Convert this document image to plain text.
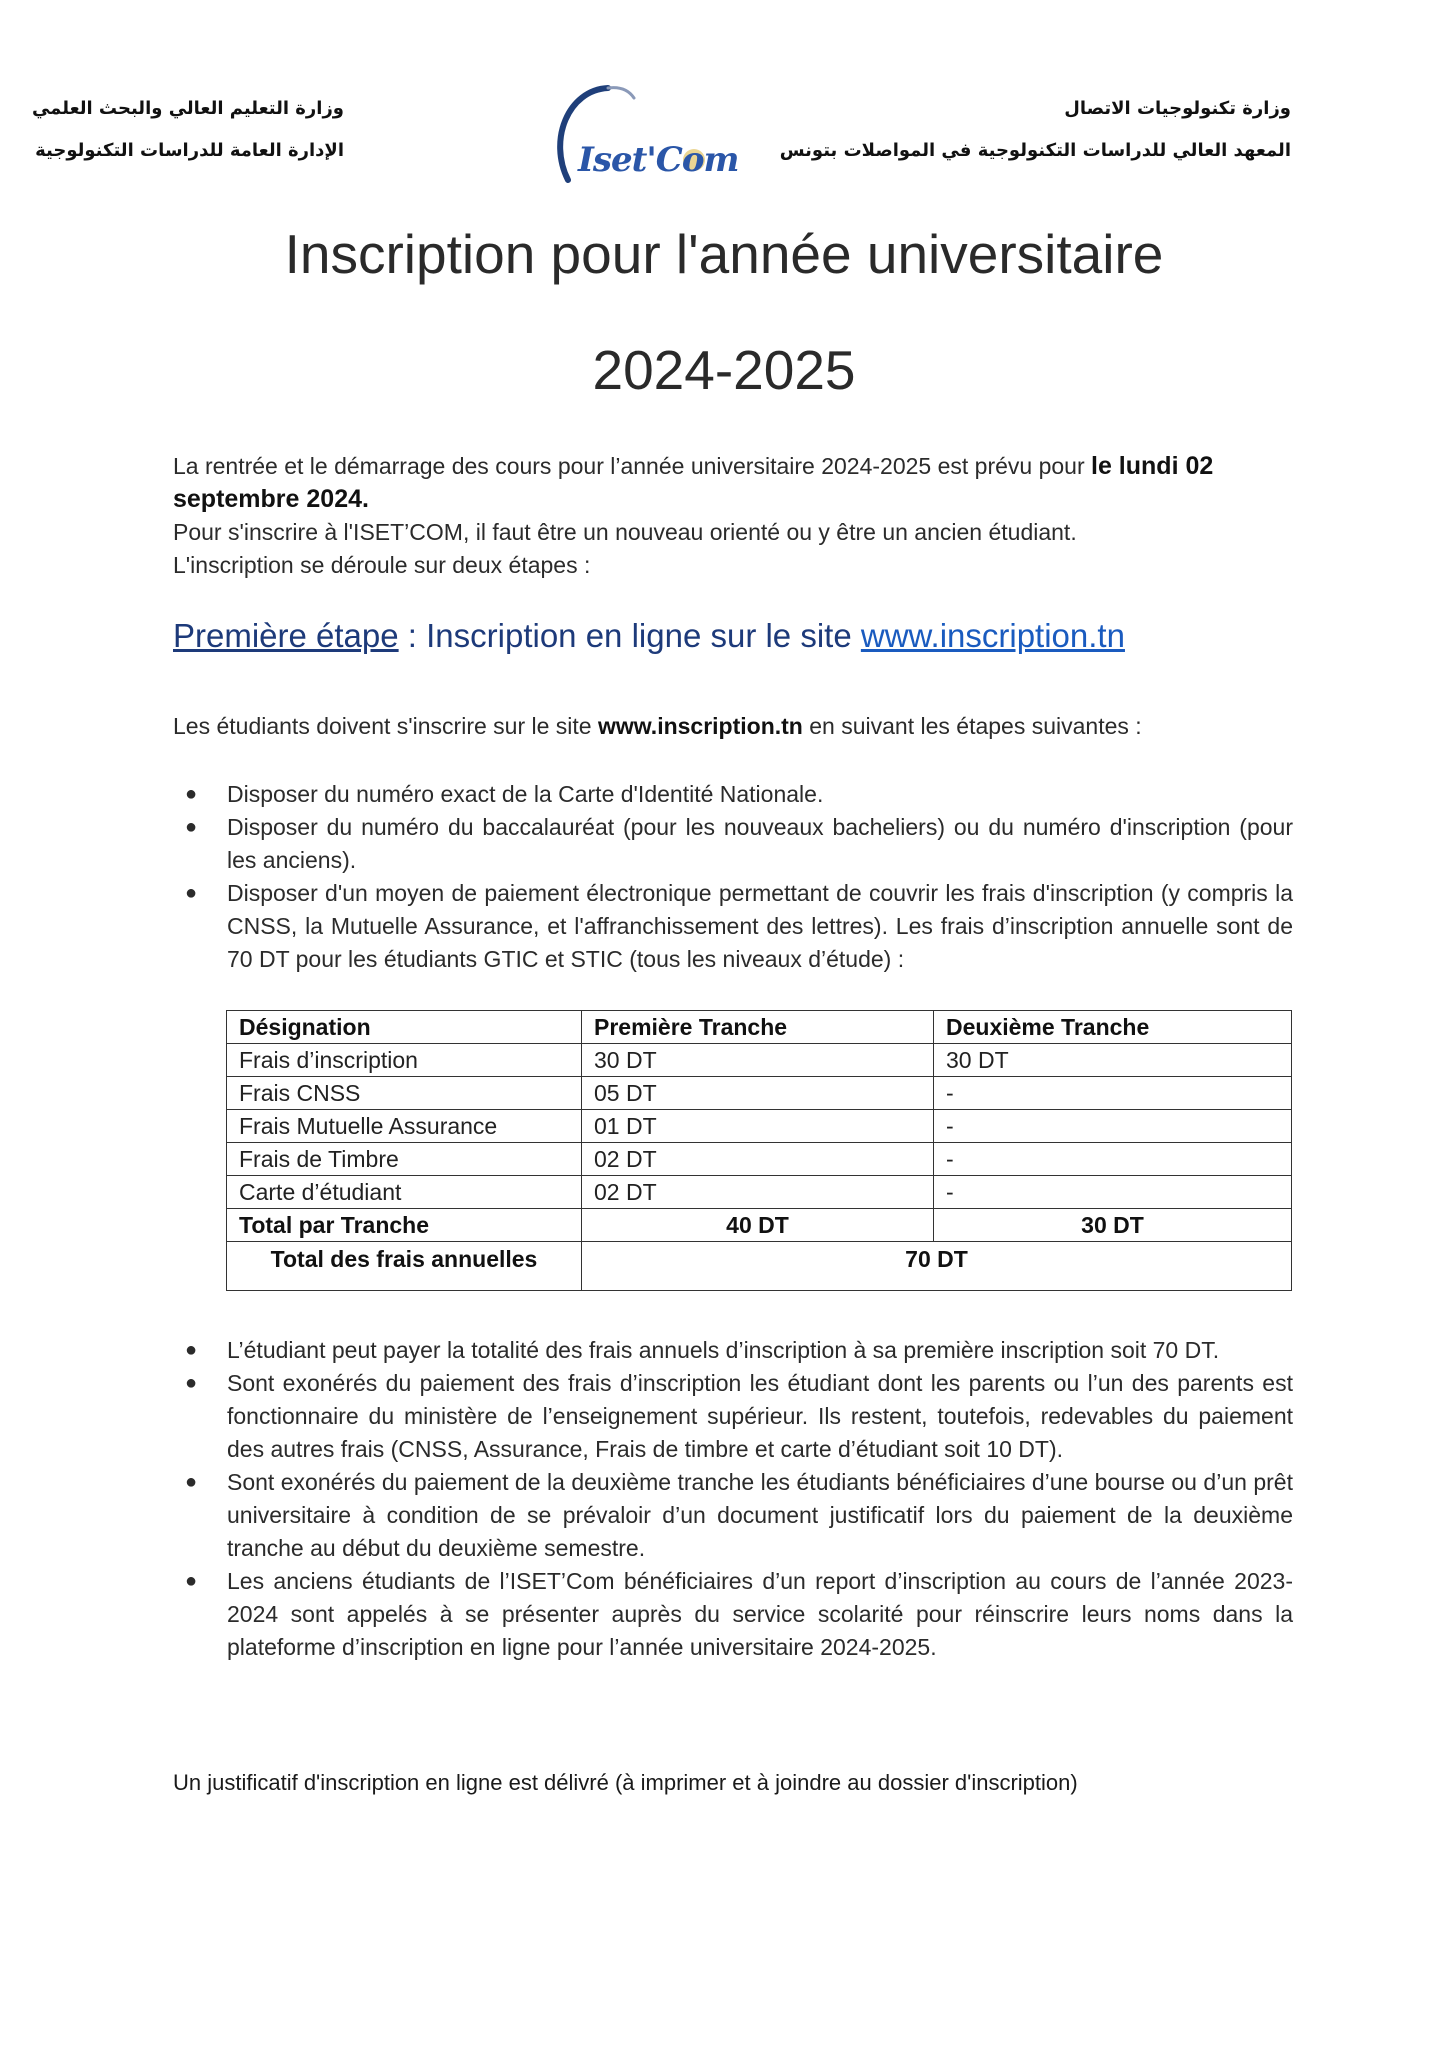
وزارة التعليم العالي والبحث العلمي
الإدارة العامة للدراسات التكنولوجية	Iset'Com
وزارة تكنولوجيات الاتصال
المعهد العالي للدراسات التكنولوجية في المواصلات بتونس
Inscription pour l'année universitaire
2024-2025
La rentrée et le démarrage des cours pour l’année universitaire 2024-2025 est prévu pour le lundi 02 septembre 2024.
Pour s'inscrire à l'ISET’COM, il faut être un nouveau orienté ou y être un ancien étudiant.
L'inscription se déroule sur deux étapes :
Première étape : Inscription en ligne sur le site www.inscription.tn
Les étudiants doivent s'inscrire sur le site www.inscription.tn en suivant les étapes suivantes :
● Disposer du numéro exact de la Carte d'Identité Nationale.
● Disposer du numéro du baccalauréat (pour les nouveaux bacheliers) ou du numéro d'inscription (pour les anciens).
● Disposer d'un moyen de paiement électronique permettant de couvrir les frais d'inscription (y compris la CNSS, la Mutuelle Assurance, et l'affranchissement des lettres). Les frais d’inscription annuelle sont de 70 DT pour les étudiants GTIC et STIC (tous les niveaux d’étude) :
Désignation	Première Tranche	Deuxième Tranche
Frais d’inscription	30 DT	30 DT
Frais CNSS	05 DT	-
Frais Mutuelle Assurance	01 DT	-
Frais de Timbre	02 DT	-
Carte d’étudiant	02 DT	-
Total par Tranche	40 DT	30 DT
Total des frais annuelles	70 DT	
● L’étudiant peut payer la totalité des frais annuels d’inscription à sa première inscription soit 70 DT.
● Sont exonérés du paiement des frais d’inscription les étudiant dont les parents ou l’un des parents est fonctionnaire du ministère de l’enseignement supérieur. Ils restent, toutefois, redevables du paiement des autres frais (CNSS, Assurance, Frais de timbre et carte d’étudiant soit 10 DT).
● Sont exonérés du paiement de la deuxième tranche les étudiants bénéficiaires d’une bourse ou d’un prêt universitaire à condition de se prévaloir d’un document justificatif lors du paiement de la deuxième tranche au début du deuxième semestre.
● Les anciens étudiants de l’ISET’Com bénéficiaires d’un report d’inscription au cours de l’année 2023-2024 sont appelés à se présenter auprès du service scolarité pour réinscrire leurs noms dans la plateforme d’inscription en ligne pour l’année universitaire 2024-2025.
Un justificatif d'inscription en ligne est délivré (à imprimer et à joindre au dossier d'inscription)
